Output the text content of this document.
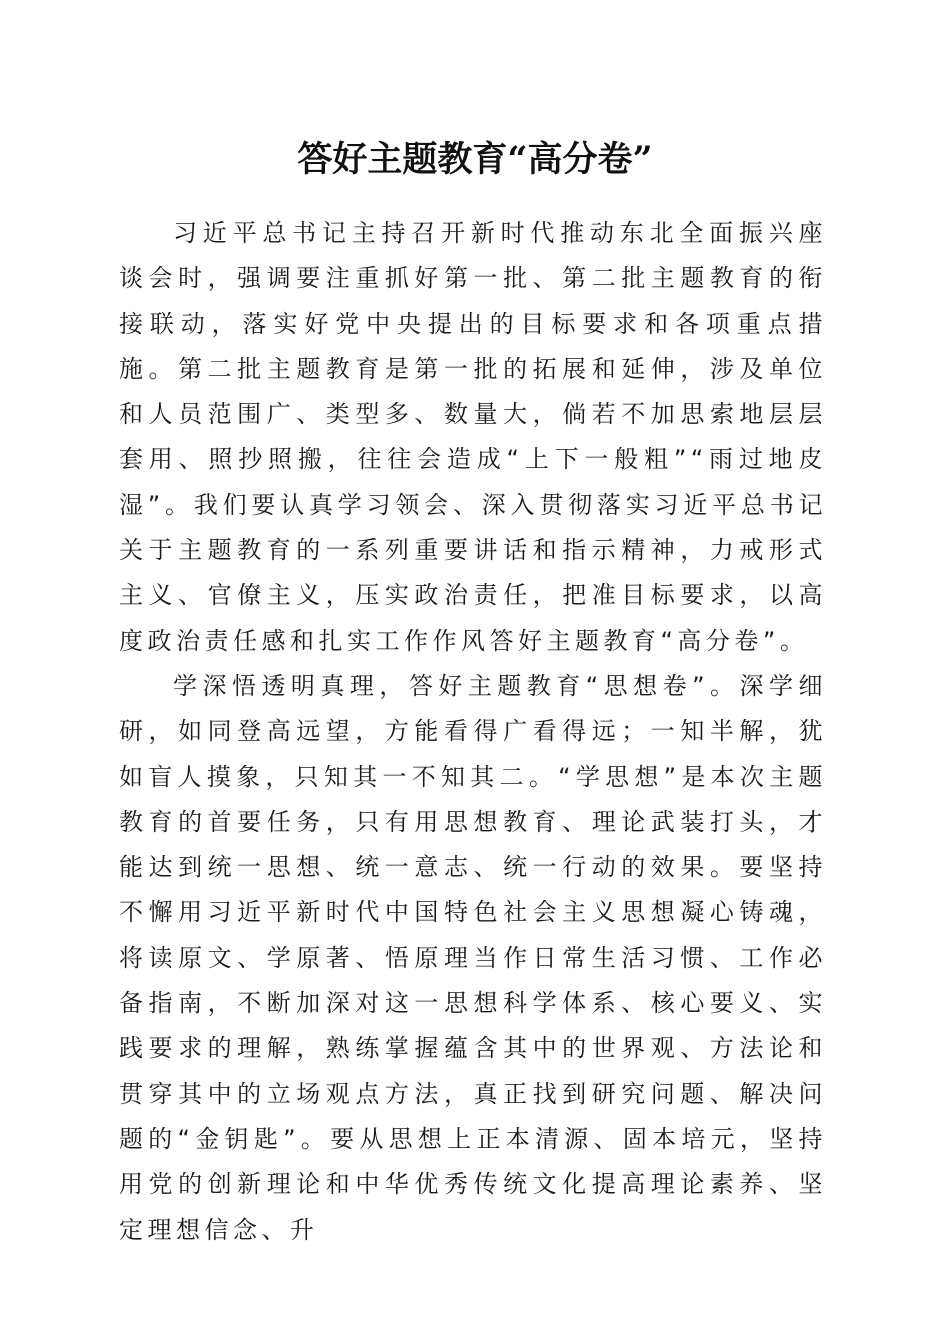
答好主题教育“高分卷”

习近平总书记主持召开新时代推动东北全面振兴座谈会时，强调要注重抓好第一批、第二批主题教育的衔接联动，落实好党中央提出的目标要求和各项重点措施。第二批主题教育是第一批的拓展和延伸，涉及单位和人员范围广、类型多、数量大，倘若不加思索地层层套用、照抄照搬，往往会造成“上下一般粗”“雨过地皮湿”。我们要认真学习领会、深入贯彻落实习近平总书记关于主题教育的一系列重要讲话和指示精神，力戒形式主义、官僚主义，压实政治责任，把准目标要求，以高度政治责任感和扎实工作作风答好主题教育“高分卷”。

学深悟透明真理，答好主题教育“思想卷”。深学细研，如同登高远望，方能看得广看得远；一知半解，犹如盲人摸象，只知其一不知其二。“学思想”是本次主题教育的首要任务，只有用思想教育、理论武装打头，才能达到统一思想、统一意志、统一行动的效果。要坚持不懈用习近平新时代中国特色社会主义思想凝心铸魂，将读原文、学原著、悟原理当作日常生活习惯、工作必备指南，不断加深对这一思想科学体系、核心要义、实践要求的理解，熟练掌握蕴含其中的世界观、方法论和贯穿其中的立场观点方法，真正找到研究问题、解决问题的“金钥匙”。要从思想上正本清源、固本培元，坚持用党的创新理论和中华优秀传统文化提高理论素养、坚定理想信念、升
